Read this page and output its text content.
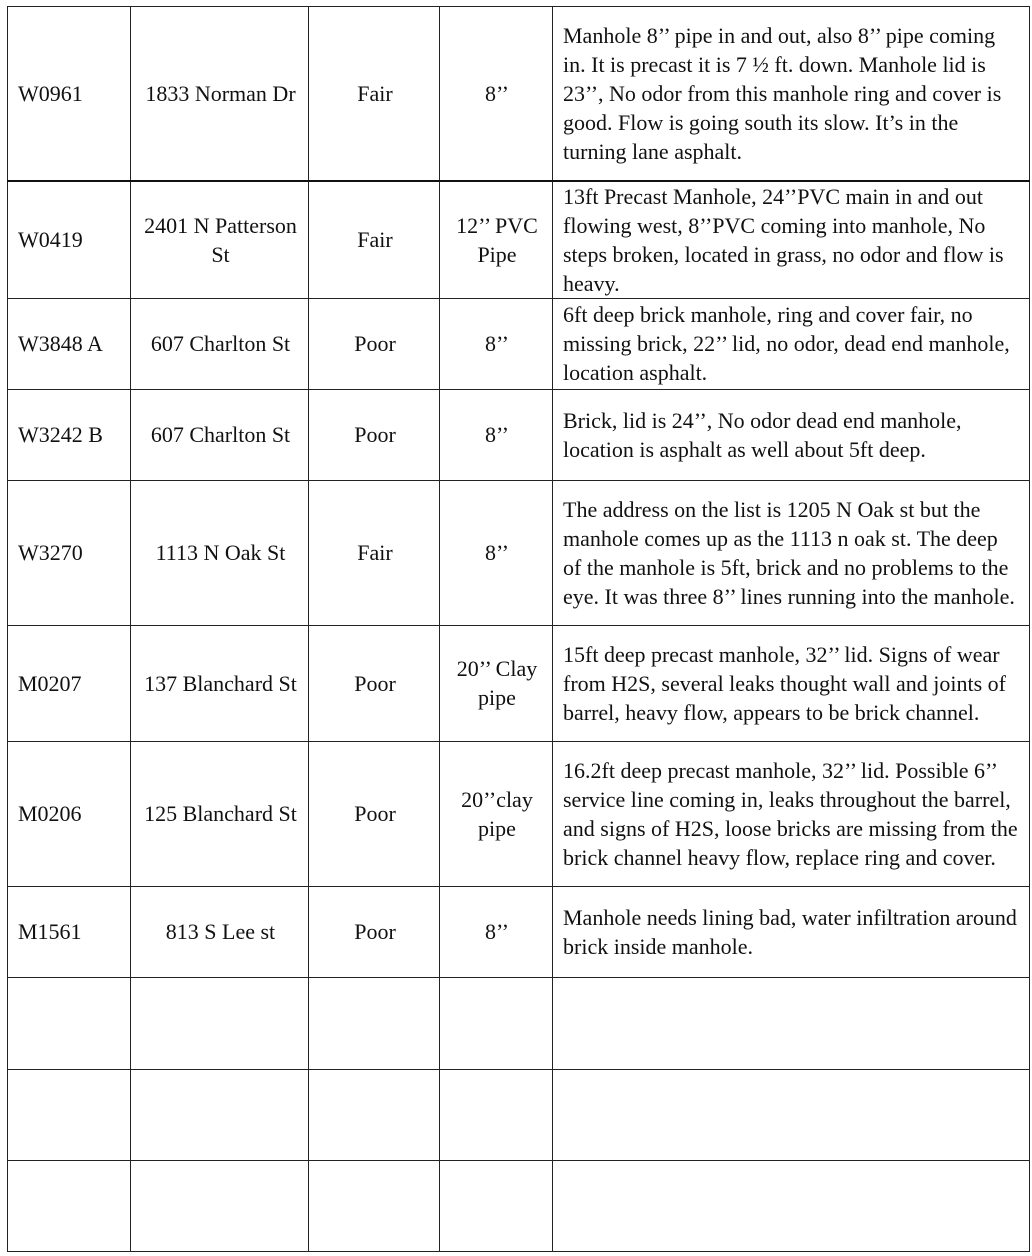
W0961	1833 Norman Dr	Fair	8’’	Manhole 8’’ pipe in and out, also 8’’ pipe coming in. It is precast it is 7 ½ ft. down. Manhole lid is 23’’, No odor from this manhole ring and cover is good. Flow is going south its slow. It’s in the turning lane asphalt.
W0419	2401 N Patterson St	Fair	12’’ PVC Pipe	13ft Precast Manhole, 24’’PVC main in and out flowing west, 8’’PVC coming into manhole, No steps broken, located in grass, no odor and flow is heavy.
W3848 A	607 Charlton St	Poor	8’’	6ft deep brick manhole, ring and cover fair, no missing brick, 22’’ lid, no odor, dead end manhole, location asphalt.
W3242 B	607 Charlton St	Poor	8’’	Brick, lid is 24’’, No odor dead end manhole, location is asphalt as well about 5ft deep.
W3270	1113 N Oak St	Fair	8’’	The address on the list is 1205 N Oak st but the manhole comes up as the 1113 n oak st. The deep of the manhole is 5ft, brick and no problems to the eye. It was three 8’’ lines running into the manhole.
M0207	137 Blanchard St	Poor	20’’ Clay pipe	15ft deep precast manhole, 32’’ lid. Signs of wear from H2S, several leaks thought wall and joints of barrel, heavy flow, appears to be brick channel.
M0206	125 Blanchard St	Poor	20’’clay pipe	16.2ft deep precast manhole, 32’’ lid. Possible 6’’ service line coming in, leaks throughout the barrel, and signs of H2S, loose bricks are missing from the brick channel heavy flow, replace ring and cover.
M1561	813 S Lee st	Poor	8’’	Manhole needs lining bad, water infiltration around brick inside manhole.
